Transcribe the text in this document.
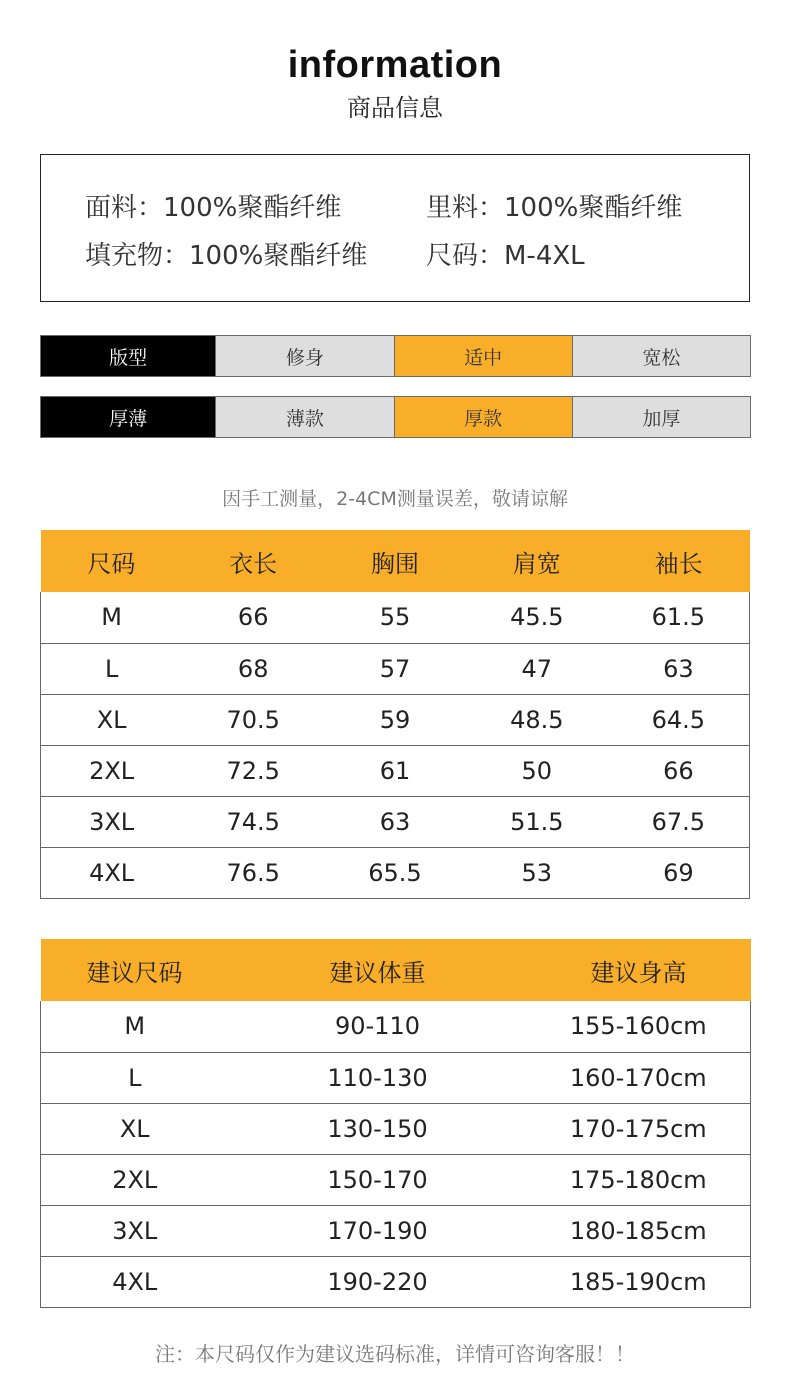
information
商品信息
面料：100%聚酯纤维	里料：100%聚酯纤维
填充物：100%聚酯纤维 尺码：M-4XL
版型	修身	适中	宽松
厚薄	薄款	厚款	加厚
因手工测量，2-4CM测量误差，敬请谅解
尺码	衣长	胸围	肩宽	袖长
M	66	55	45.5	61.5
L	68	57	47	63
XL	70.5	59	48.5	64.5
2XL	72.5	61	50	66
3XL	74.5	63	51.5	67.5
4XL	76.5	65.5	53	69
建议尺码	建议体重	建议身高
M	90-110	155-160cm
L	110-130	160-170cm
XL	130-150	170-175cm
2XL	150-170	175-180cm
3XL	170-190	180-185cm
4XL	190-220	185-190cm
注：本尺码仅作为建议选码标准，详情可咨询客服！！
